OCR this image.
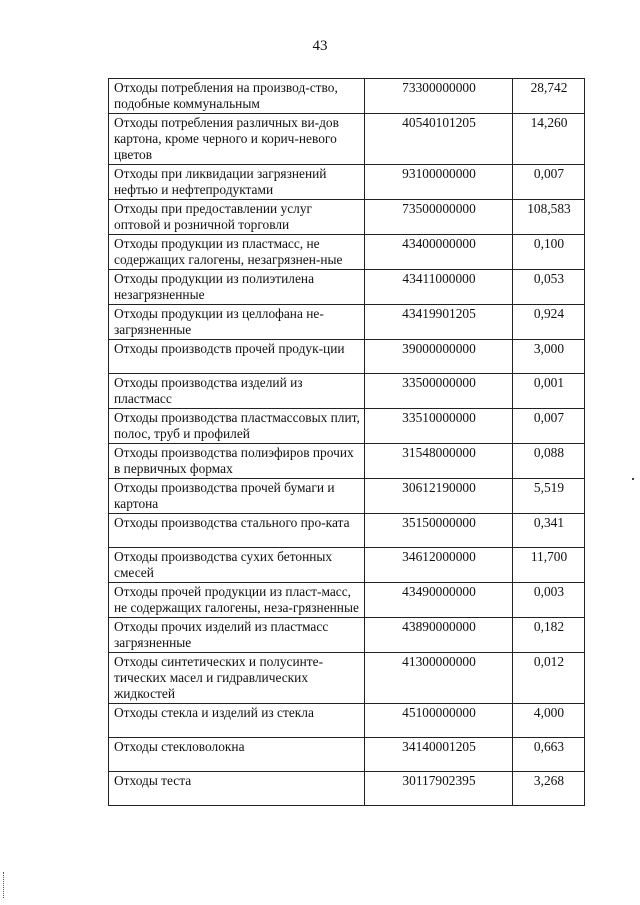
43
Отходы потребления на производ-ство, подобные коммунальным	73300000000	28,742
Отходы потребления различных ви-дов картона, кроме черного и корич-невого цветов	40540101205	14,260
Отходы при ликвидации загрязнений нефтью и нефтепродуктами	93100000000	0,007
Отходы при предоставлении услуг оптовой и розничной торговли	73500000000	108,583
Отходы продукции из пластмасс, не содержащих галогены, незагрязнен-ные	43400000000	0,100
Отходы продукции из полиэтилена незагрязненные	43411000000	0,053
Отходы продукции из целлофана не-загрязненные	43419901205	0,924
Отходы производств прочей продук-ции	39000000000	3,000
Отходы производства изделий из пластмасс	33500000000	0,001
Отходы производства пластмассовых плит, полос, труб и профилей	33510000000	0,007
Отходы производства полиэфиров прочих в первичных формах	31548000000	0,088
Отходы производства прочей бумаги и картона	30612190000	5,519
Отходы производства стального про-ката	35150000000	0,341
Отходы производства сухих бетонных смесей	34612000000	11,700
Отходы прочей продукции из пласт-масс, не содержащих галогены, неза-грязненные	43490000000	0,003
Отходы прочих изделий из пластмасс загрязненные	43890000000	0,182
Отходы синтетических и полусинте-тических масел и гидравлических жидкостей	41300000000	0,012
Отходы стекла и изделий из стекла	45100000000	4,000
Отходы стекловолокна	34140001205	0,663
Отходы теста	30117902395	3,268
